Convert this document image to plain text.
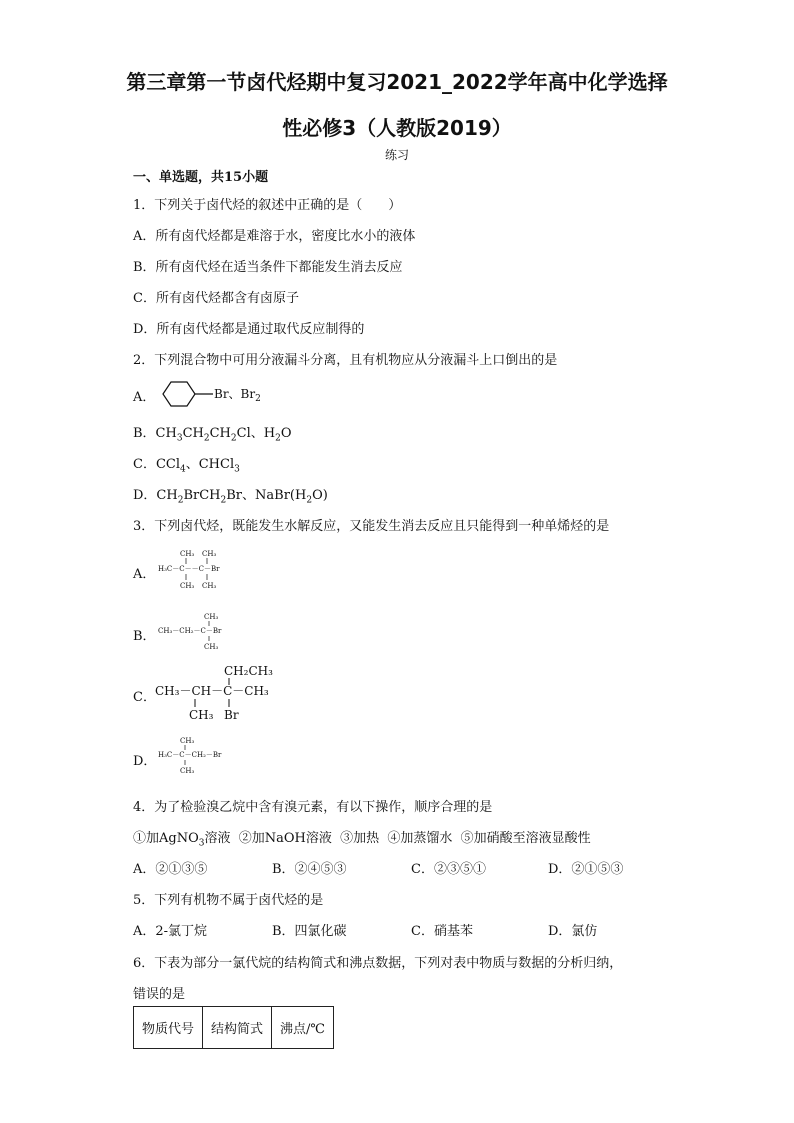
第三章第一节卤代烃期中复习2021_2022学年高中化学选择
性必修3（人教版2019）
练习
一、单选题，共15小题
1．下列关于卤代烃的叙述中正确的是（　　）
A．所有卤代烃都是难溶于水，密度比水小的液体
B．所有卤代烃在适当条件下都能发生消去反应
C．所有卤代烃都含有卤原子
D．所有卤代烃都是通过取代反应制得的
2．下列混合物中可用分液漏斗分离，且有机物应从分液漏斗上口倒出的是
A．	Br、$Br_2$
B．$CH_3CH_2CH_2Cl$、$H_2O$
C．CCl$_4$、CHCl$_3$
D．$CH_2BrCH_2Br$、$NaBr(H_2O)$
3．下列卤代烃，既能发生水解反应，又能发生消去反应且只能得到一种单烯烃的是
A．
CH₃ CH₃
H₃C－C－－C－Br
CH₃ CH₃
B．
CH₃
CH₃－CH₂－C－Br
CH₃
C．
CH₂CH₃
CH₃－CH－C－CH₃
CH₃ Br
D．
CH₃
H₃C－C－CH₂－Br
CH₃
4．为了检验溴乙烷中含有溴元素，有以下操作，顺序合理的是
①加AgNO$_3$溶液  ②加NaOH溶液  ③加热  ④加蒸馏水  ⑤加硝酸至溶液显酸性
A．②①③⑤	B．②④⑤③	C．②③⑤①	D．②①⑤③
5．下列有机物不属于卤代烃的是
A．2-氯丁烷	B．四氯化碳	C．硝基苯	D．氯仿
6．下表为部分一氯代烷的结构简式和沸点数据，下列对表中物质与数据的分析归纳，
错误的是
物质代号	结构简式	沸点/℃
